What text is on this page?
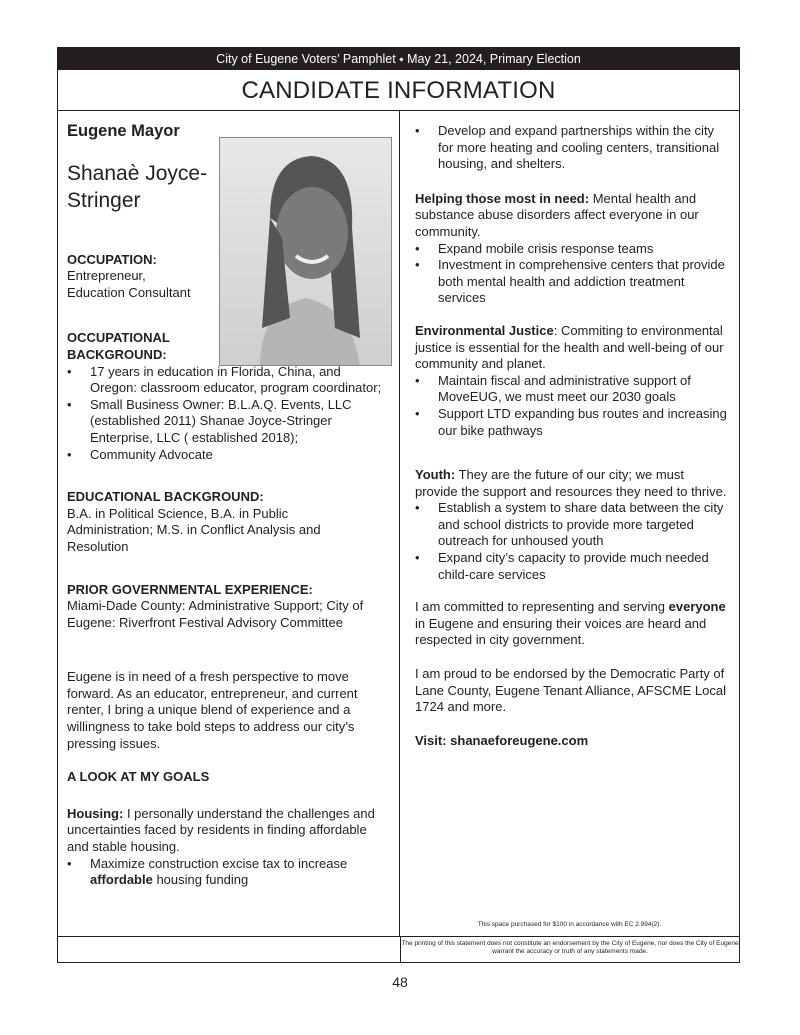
City of Eugene Voters’ Pamphlet ⬩ May 21, 2024, Primary Election
CANDIDATE INFORMATION
Eugene Mayor
Shanaè Joyce-Stringer
OCCUPATION:
Entrepreneur,
Education Consultant
OCCUPATIONAL BACKGROUND:
• 17 years in education in Florida, China, and Oregon: classroom educator, program coordinator;
• Small Business Owner: B.L.A.Q. Events, LLC (established 2011) Shanae Joyce-Stringer Enterprise, LLC ( established 2018);
• Community Advocate
EDUCATIONAL BACKGROUND:

B.A. in Political Science, B.A. in Public Administration; M.S. in Conflict Analysis and Resolution

PRIOR GOVERNMENTAL EXPERIENCE:

Miami-Dade County: Administrative Support; City of Eugene: Riverfront Festival Advisory Committee

Eugene is in need of a fresh perspective to move forward. As an educator, entrepreneur, and current renter, I bring a unique blend of experience and a willingness to take bold steps to address our city’s pressing issues.

A LOOK AT MY GOALS

Housing: I personally understand the challenges and uncertainties faced by residents in finding affordable and stable housing.

• Maximize construction excise tax to increase affordable housing funding
• Develop and expand partnerships within the city for more heating and cooling centers, transitional housing, and shelters.

Helping those most in need: Mental health and substance abuse disorders affect everyone in our community.

• Expand mobile crisis response teams
• Investment in comprehensive centers that provide both mental health and addiction treatment services

Environmental Justice: Commiting to environmental justice is essential for the health and well-being of our community and planet.

• Maintain fiscal and administrative support of MoveEUG, we must meet our 2030 goals
• Support LTD expanding bus routes and increasing our bike pathways

Youth: They are the future of our city; we must provide the support and resources they need to thrive.

• Establish a system to share data between the city and school districts to provide more targeted outreach for unhoused youth
• Expand city’s capacity to provide much needed child-care services

I am committed to representing and serving everyone in Eugene and ensuring their voices are heard and respected in city government.

I am proud to be endorsed by the Democratic Party of Lane County, Eugene Tenant Alliance, AFSCME Local 1724 and more.

Visit: shanaeforeugene.com

This space purchased for $100 in accordance with EC 2.994(2).
The printing of this statement does not constitute an endorsement by the City of Eugene, nor does the City of Eugene warrant the accuracy or truth of any statements made.
48
